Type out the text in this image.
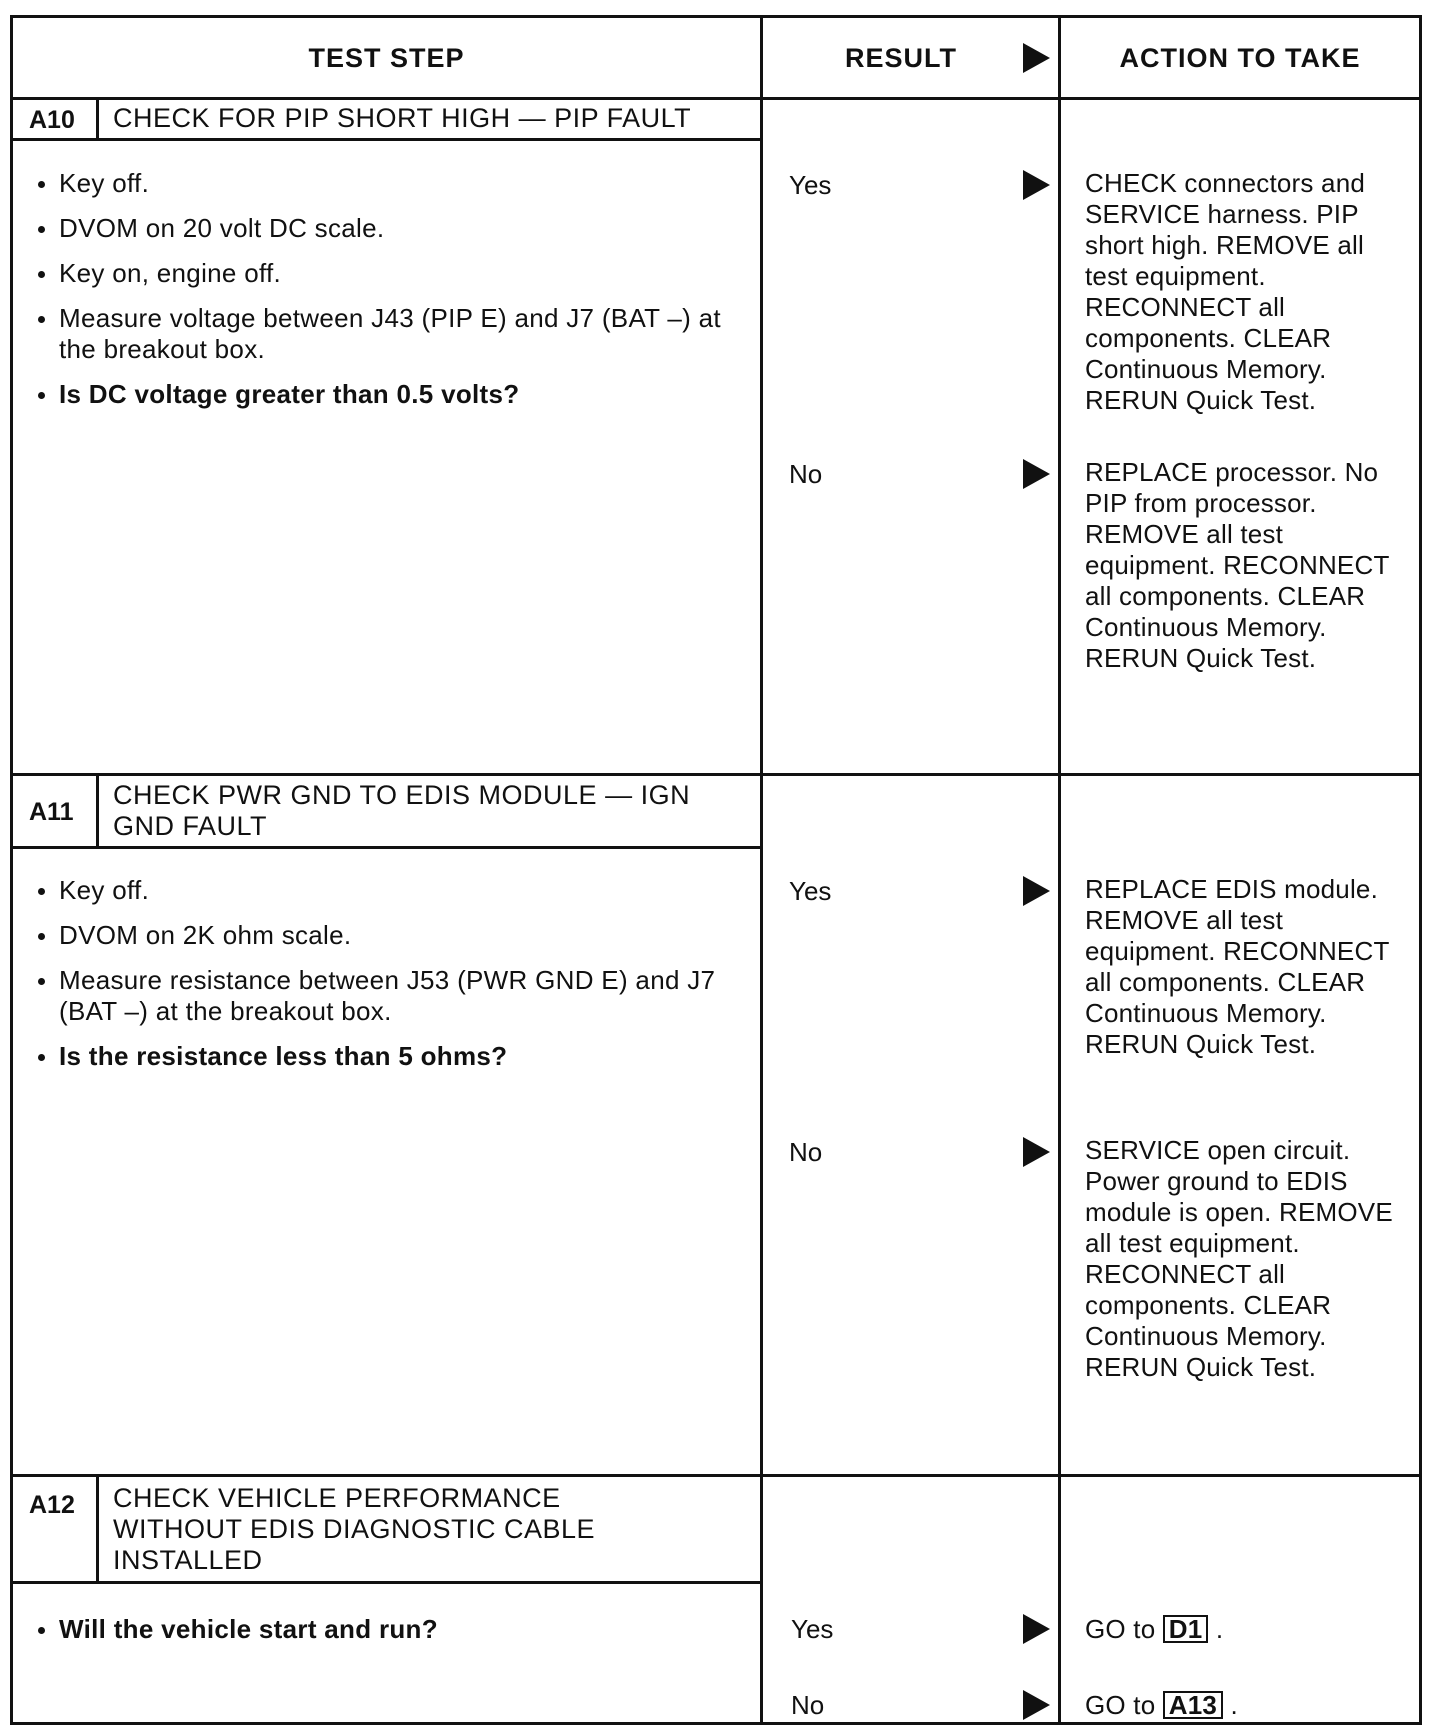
TEST STEP	RESULT	ACTION TO TAKE
A10 CHECK FOR PIP SHORT HIGH — PIP FAULT
Key off.
DVOM on 20 volt DC scale.
Key on, engine off.
Measure voltage between J43 (PIP E) and J7 (BAT –) at the breakout box.
Is DC voltage greater than 0.5 volts?
Yes	CHECK connectors and SERVICE harness. PIP short high. REMOVE all test equipment. RECONNECT all components. CLEAR Continuous Memory. RERUN Quick Test.
No	REPLACE processor. No PIP from processor. REMOVE all test equipment. RECONNECT all components. CLEAR Continuous Memory. RERUN Quick Test.
A11
CHECK PWR GND TO EDIS MODULE — IGN GND FAULT
Key off.
DVOM on 2K ohm scale.
Measure resistance between J53 (PWR GND E) and J7 (BAT –) at the breakout box.
Is the resistance less than 5 ohms?
Yes	REPLACE EDIS module. REMOVE all test equipment. RECONNECT all components. CLEAR Continuous Memory. RERUN Quick Test.
No	SERVICE open circuit. Power ground to EDIS module is open. REMOVE all test equipment. RECONNECT all components. CLEAR Continuous Memory. RERUN Quick Test.
A12 CHECK VEHICLE PERFORMANCE WITHOUT EDIS DIAGNOSTIC CABLE INSTALLED
Will the vehicle start and run?	Yes	GO to D1 .
No	GO to A13 .
